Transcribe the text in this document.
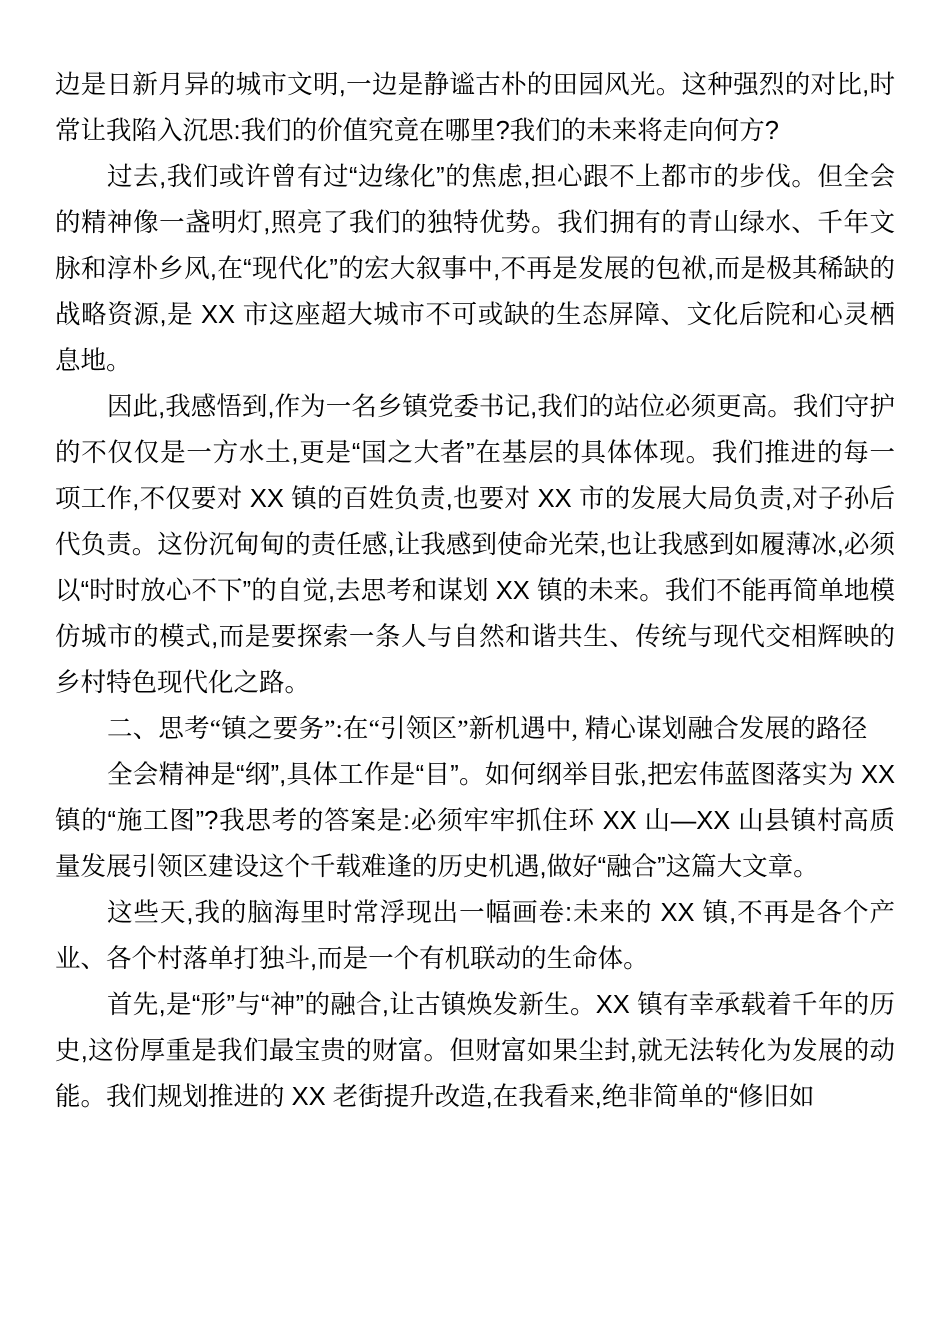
边是日新月异的城市文明,一边是静谧古朴的田园风光。这种强烈的对比,时常让我陷入沉思:我们的价值究竟在哪里?我们的未来将走向何方?

过去,我们或许曾有过“边缘化”的焦虑,担心跟不上都市的步伐。但全会的精神像一盏明灯,照亮了我们的独特优势。我们拥有的青山绿水、千年文脉和淳朴乡风,在“现代化”的宏大叙事中,不再是发展的包袱,而是极其稀缺的战略资源,是 XX 市这座超大城市不可或缺的生态屏障、文化后院和心灵栖息地。

因此,我感悟到,作为一名乡镇党委书记,我们的站位必须更高。我们守护的不仅仅是一方水土,更是“国之大者”在基层的具体体现。我们推进的每一项工作,不仅要对 XX 镇的百姓负责,也要对 XX 市的发展大局负责,对子孙后代负责。这份沉甸甸的责任感,让我感到使命光荣,也让我感到如履薄冰,必须以“时时放心不下”的自觉,去思考和谋划 XX 镇的未来。我们不能再简单地模仿城市的模式,而是要探索一条人与自然和谐共生、传统与现代交相辉映的乡村特色现代化之路。

二、思考“镇之要务”:在“引领区”新机遇中, 精心谋划融合发展的路径

全会精神是“纲”,具体工作是“目”。如何纲举目张,把宏伟蓝图落实为 XX 镇的“施工图”?我思考的答案是:必须牢牢抓住环 XX 山—XX 山县镇村高质量发展引领区建设这个千载难逢的历史机遇,做好“融合”这篇大文章。

这些天,我的脑海里时常浮现出一幅画卷:未来的 XX 镇,不再是各个产业、各个村落单打独斗,而是一个有机联动的生命体。

首先,是“形”与“神”的融合,让古镇焕发新生。XX 镇有幸承载着千年的历史,这份厚重是我们最宝贵的财富。但财富如果尘封,就无法转化为发展的动能。我们规划推进的 XX 老街提升改造,在我看来,绝非简单的“修旧如
